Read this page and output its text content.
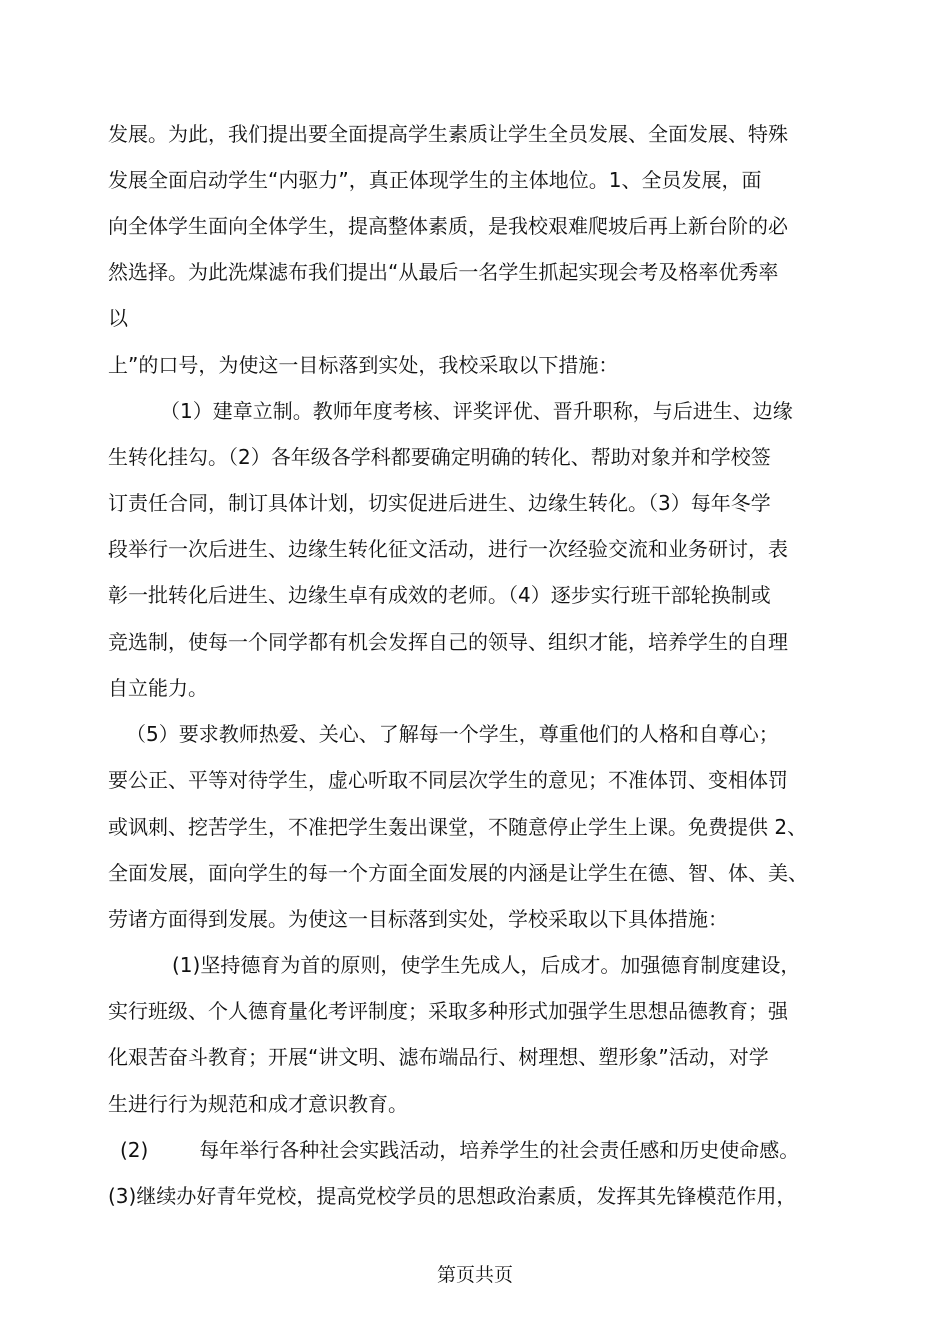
发展。为此，我们提出要全面提高学生素质让学生全员发展、全面发展、特殊
发展全面启动学生“内驱力”，真正体现学生的主体地位。1、全员发展，面
向全体学生面向全体学生，提高整体素质，是我校艰难爬坡后再上新台阶的必
然选择。为此洗煤滤布我们提出“从最后一名学生抓起实现会考及格率优秀率
以
上”的口号，为使这一目标落到实处，我校采取以下措施：
（1）建章立制。教师年度考核、评奖评优、晋升职称，与后进生、边缘
生转化挂勾。（2）各年级各学科都要确定明确的转化、帮助对象并和学校签
订责任合同，制订具体计划，切实促进后进生、边缘生转化。（3）每年冬学
段举行一次后进生、边缘生转化征文活动，进行一次经验交流和业务研讨，表
彰一批转化后进生、边缘生卓有成效的老师。（4）逐步实行班干部轮换制或
竞选制，使每一个同学都有机会发挥自己的领导、组织才能，培养学生的自理
自立能力。
（5）要求教师热爱、关心、了解每一个学生，尊重他们的人格和自尊心；
要公正、平等对待学生，虚心听取不同层次学生的意见；不准体罚、变相体罚
或讽刺、挖苦学生，不准把学生轰出课堂，不随意停止学生上课。免费提供 2、
全面发展，面向学生的每一个方面全面发展的内涵是让学生在德、智、体、美、
劳诸方面得到发展。为使这一目标落到实处，学校采取以下具体措施：
(1)坚持德育为首的原则，使学生先成人，后成才。加强德育制度建设，
实行班级、个人德育量化考评制度；采取多种形式加强学生思想品德教育；强
化艰苦奋斗教育；开展“讲文明、滤布端品行、树理想、塑形象”活动，对学
生进行行为规范和成才意识教育。
(2)        每年举行各种社会实践活动，培养学生的社会责任感和历史使命感。
(3)继续办好青年党校，提高党校学员的思想政治素质，发挥其先锋模范作用，
第页共页
